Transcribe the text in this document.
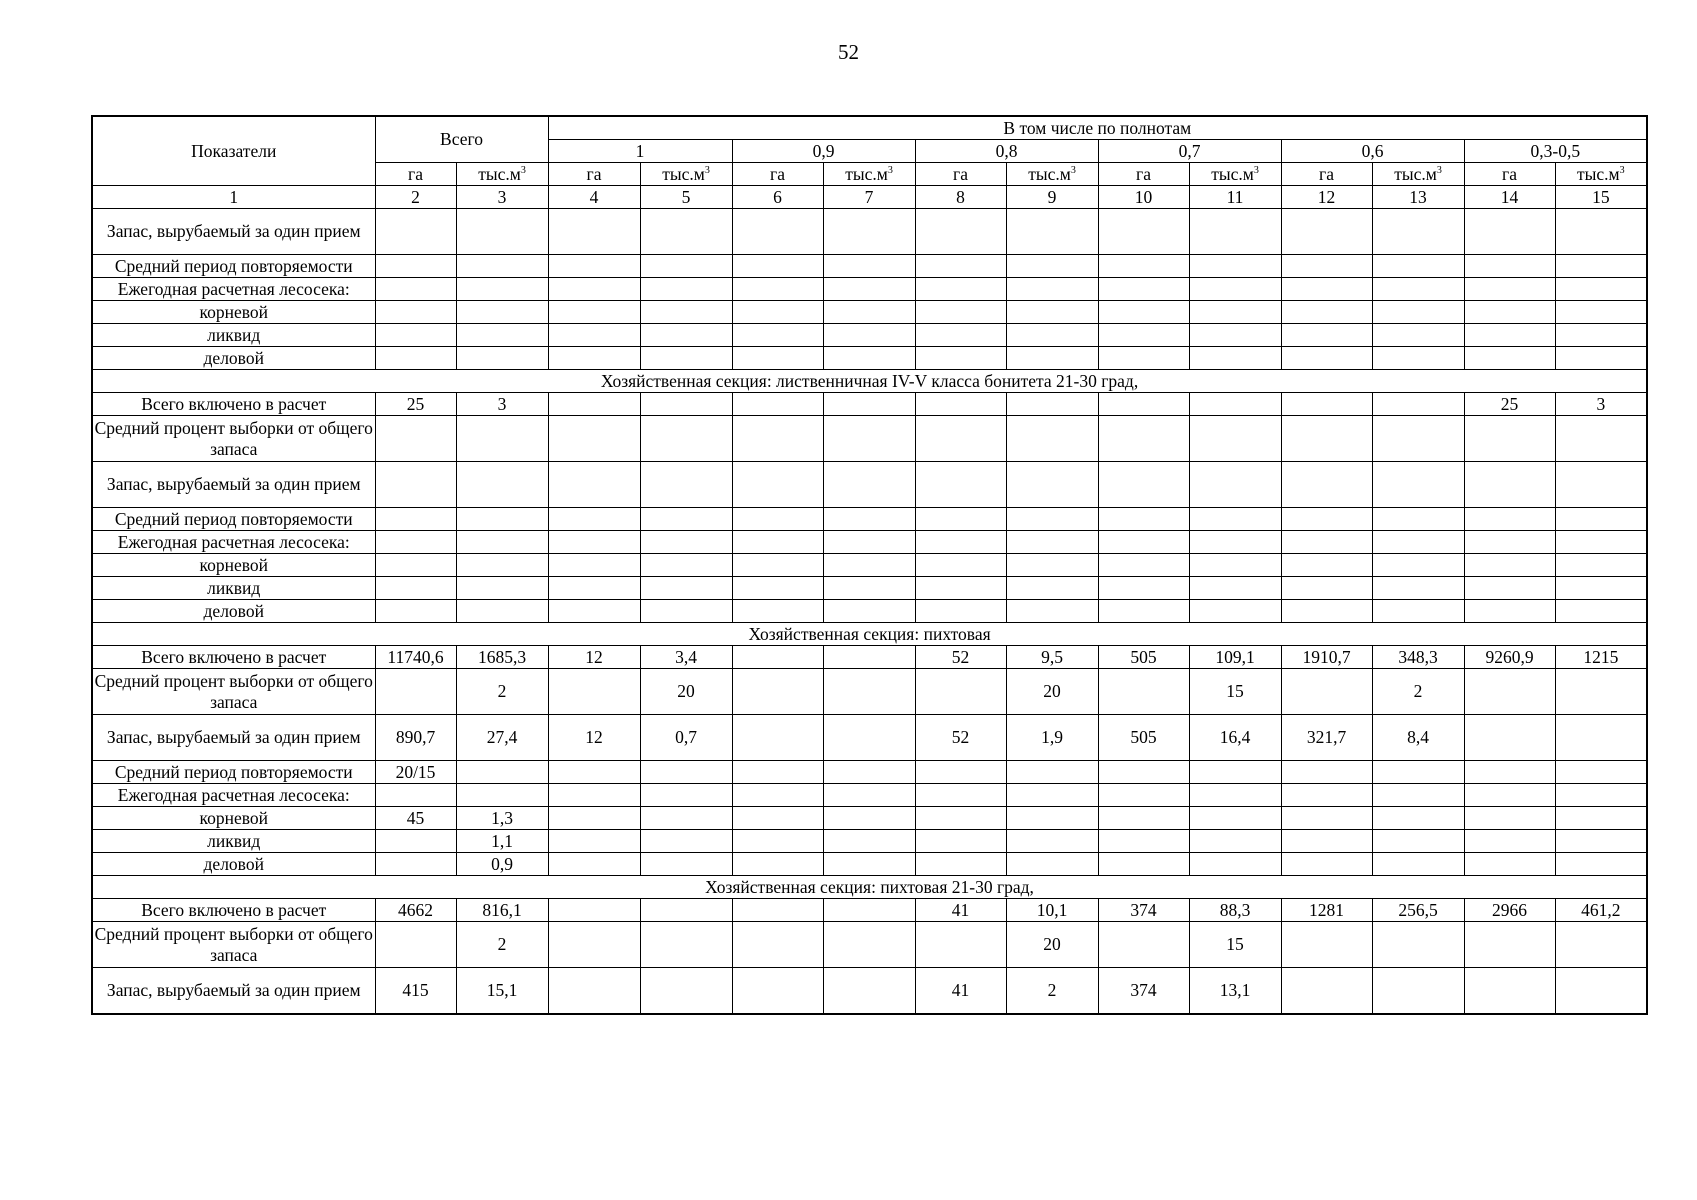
52
Показатели	Всего		В том числе по полнотам											
			1		0,9		0,8		0,7		0,6		0,3-0,5	
	га	$тыс.м^3$	га	$тыс.м^3$	га	$тыс.м^3$	га	$тыс.м^3$	га	$тыс.м^3$	га	$тыс.м^3$	га	$тыс.м^3$
1	2	3	4	5	6	7	8	9	10	11	12	13	14	15
Запас, вырубаемый за один прием														
Средний период повторяемости														
Ежегодная расчетная лесосека:														
корневой														
ликвид														
деловой														
Хозяйственная секция: лиственничная IV-V класса бонитета 21-30 град,														
Всего включено в расчет	25	3											25	3
Средний процент выборки от общего запаса														
Запас, вырубаемый за один прием														
Средний период повторяемости														
Ежегодная расчетная лесосека:														
корневой														
ликвид														
деловой														
Хозяйственная секция: пихтовая														
Всего включено в расчет	11740,6	1685,3	12	3,4			52	9,5	505	109,1	1910,7	348,3	9260,9	1215
Средний процент выборки от общего запаса		2		20				20		15		2		
Запас, вырубаемый за один прием	890,7	27,4	12	0,7			52	1,9	505	16,4	321,7	8,4		
Средний период повторяемости	20/15													
Ежегодная расчетная лесосека:														
корневой	45	1,3												
ликвид		1,1												
деловой		0,9												
Хозяйственная секция: пихтовая 21-30 град,														
Всего включено в расчет	4662	816,1					41	10,1	374	88,3	1281	256,5	2966	461,2
Средний процент выборки от общего запаса		2						20		15				
Запас, вырубаемый за один прием	415	15,1					41	2	374	13,1				
